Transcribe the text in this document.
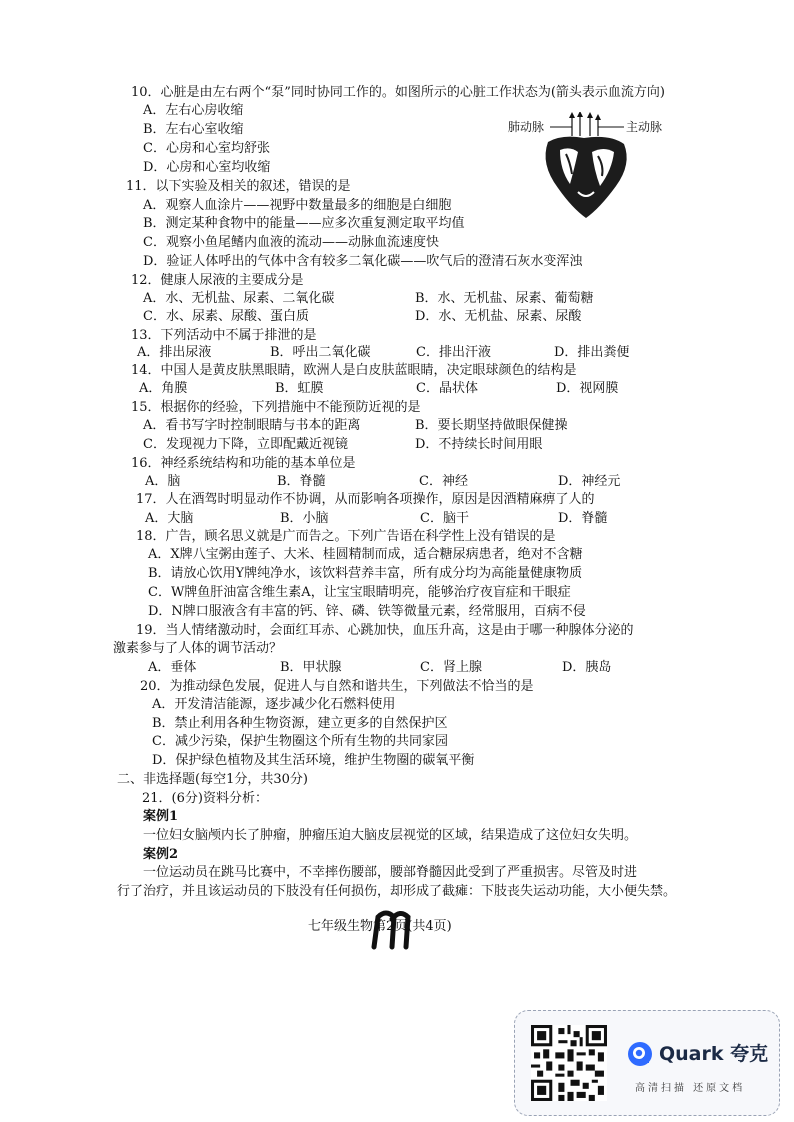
10．心脏是由左右两个“泵”同时协同工作的。如图所示的心脏工作状态为(箭头表示血流方向)
A．左右心房收缩
B．左右心室收缩
C．心房和心室均舒张
D．心房和心室均收缩
肺动脉	主动脉
11．以下实验及相关的叙述，错误的是
A．观察人血涂片——视野中数量最多的细胞是白细胞
B．测定某种食物中的能量——应多次重复测定取平均值
C．观察小鱼尾鳍内血液的流动——动脉血流速度快
D．验证人体呼出的气体中含有较多二氧化碳——吹气后的澄清石灰水变浑浊
12．健康人尿液的主要成分是
A．水、无机盐、尿素、二氧化碳	B．水、无机盐、尿素、葡萄糖
C．水、尿素、尿酸、蛋白质	D．水、无机盐、尿素、尿酸
13．下列活动中不属于排泄的是
A．排出尿液	B．呼出二氧化碳	C．排出汗液	D．排出粪便
14．中国人是黄皮肤黑眼睛，欧洲人是白皮肤蓝眼睛，决定眼球颜色的结构是
A．角膜	B．虹膜	C．晶状体	D．视网膜
15．根据你的经验，下列措施中不能预防近视的是
A．看书写字时控制眼睛与书本的距离	B．要长期坚持做眼保健操
C．发现视力下降，立即配戴近视镜	D．不持续长时间用眼
16．神经系统结构和功能的基本单位是
A．脑	B．脊髓	C．神经	D．神经元
17．人在酒驾时明显动作不协调，从而影响各项操作，原因是因酒精麻痹了人的
A．大脑	B．小脑	C．脑干	D．脊髓
18．广告，顾名思义就是广而告之。下列广告语在科学性上没有错误的是
A．X牌八宝粥由莲子、大米、桂圆精制而成，适合糖尿病患者，绝对不含糖
B．请放心饮用Y牌纯净水，该饮料营养丰富，所有成分均为高能量健康物质
C．W牌鱼肝油富含维生素A，让宝宝眼睛明亮，能够治疗夜盲症和干眼症
D．N牌口服液含有丰富的钙、锌、磷、铁等微量元素，经常服用，百病不侵
19．当人情绪激动时，会面红耳赤、心跳加快，血压升高，这是由于哪一种腺体分泌的
激素参与了人体的调节活动？
A．垂体	B．甲状腺	C．肾上腺	D．胰岛
20．为推动绿色发展，促进人与自然和谐共生，下列做法不恰当的是
A．开发清洁能源，逐步减少化石燃料使用
B．禁止利用各种生物资源，建立更多的自然保护区
C．减少污染，保护生物圈这个所有生物的共同家园
D．保护绿色植物及其生活环境，维护生物圈的碳氧平衡
二、非选择题(每空1分，共30分)
21．(6分)资料分析：
案例1
一位妇女脑颅内长了肿瘤，肿瘤压迫大脑皮层视觉的区域，结果造成了这位妇女失明。
案例2
一位运动员在跳马比赛中，不幸摔伤腰部，腰部脊髓因此受到了严重损害。尽管及时进
行了治疗，并且该运动员的下肢没有任何损伤，却形成了截瘫：下肢丧失运动功能，大小便失禁。
七年级生物第2页(共4页)
Quark 夸克
高清扫描 还原文档
